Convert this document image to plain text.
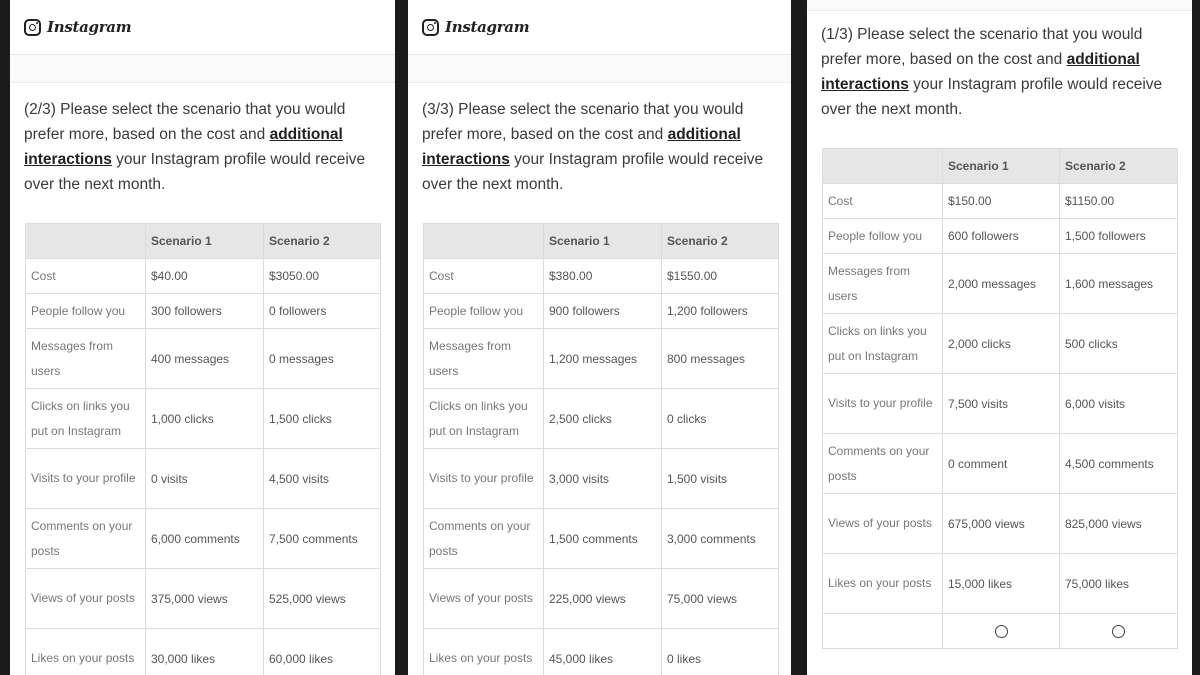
Instagram
(2/3) Please select the scenario that you would prefer more, based on the cost and additional interactions your Instagram profile would receive over the next month.
	Scenario 1	Scenario 2
Cost	$40.00	$3050.00
People follow you	300 followers	0 followers
Messages from users	400 messages	0 messages
Clicks on links you put on Instagram	1,000 clicks	1,500 clicks
Visits to your profile	0 visits	4,500 visits
Comments on your posts	6,000 comments	7,500 comments
Views of your posts	375,000 views	525,000 views
Likes on your posts	30,000 likes	60,000 likes
Instagram
(3/3) Please select the scenario that you would prefer more, based on the cost and additional interactions your Instagram profile would receive over the next month.
	Scenario 1	Scenario 2
Cost	$380.00	$1550.00
People follow you	900 followers	1,200 followers
Messages from users	1,200 messages	800 messages
Clicks on links you put on Instagram	2,500 clicks	0 clicks
Visits to your profile	3,000 visits	1,500 visits
Comments on your posts	1,500 comments	3,000 comments
Views of your posts	225,000 views	75,000 views
Likes on your posts	45,000 likes	0 likes
(1/3) Please select the scenario that you would prefer more, based on the cost and additional interactions your Instagram profile would receive over the next month.
	Scenario 1	Scenario 2
Cost	$150.00	$1150.00
People follow you	600 followers	1,500 followers
Messages from users	2,000 messages	1,600 messages
Clicks on links you put on Instagram	2,000 clicks	500 clicks
Visits to your profile	7,500 visits	6,000 visits
Comments on your posts	0 comment	4,500 comments
Views of your posts	675,000 views	825,000 views
Likes on your posts	15,000 likes	75,000 likes
